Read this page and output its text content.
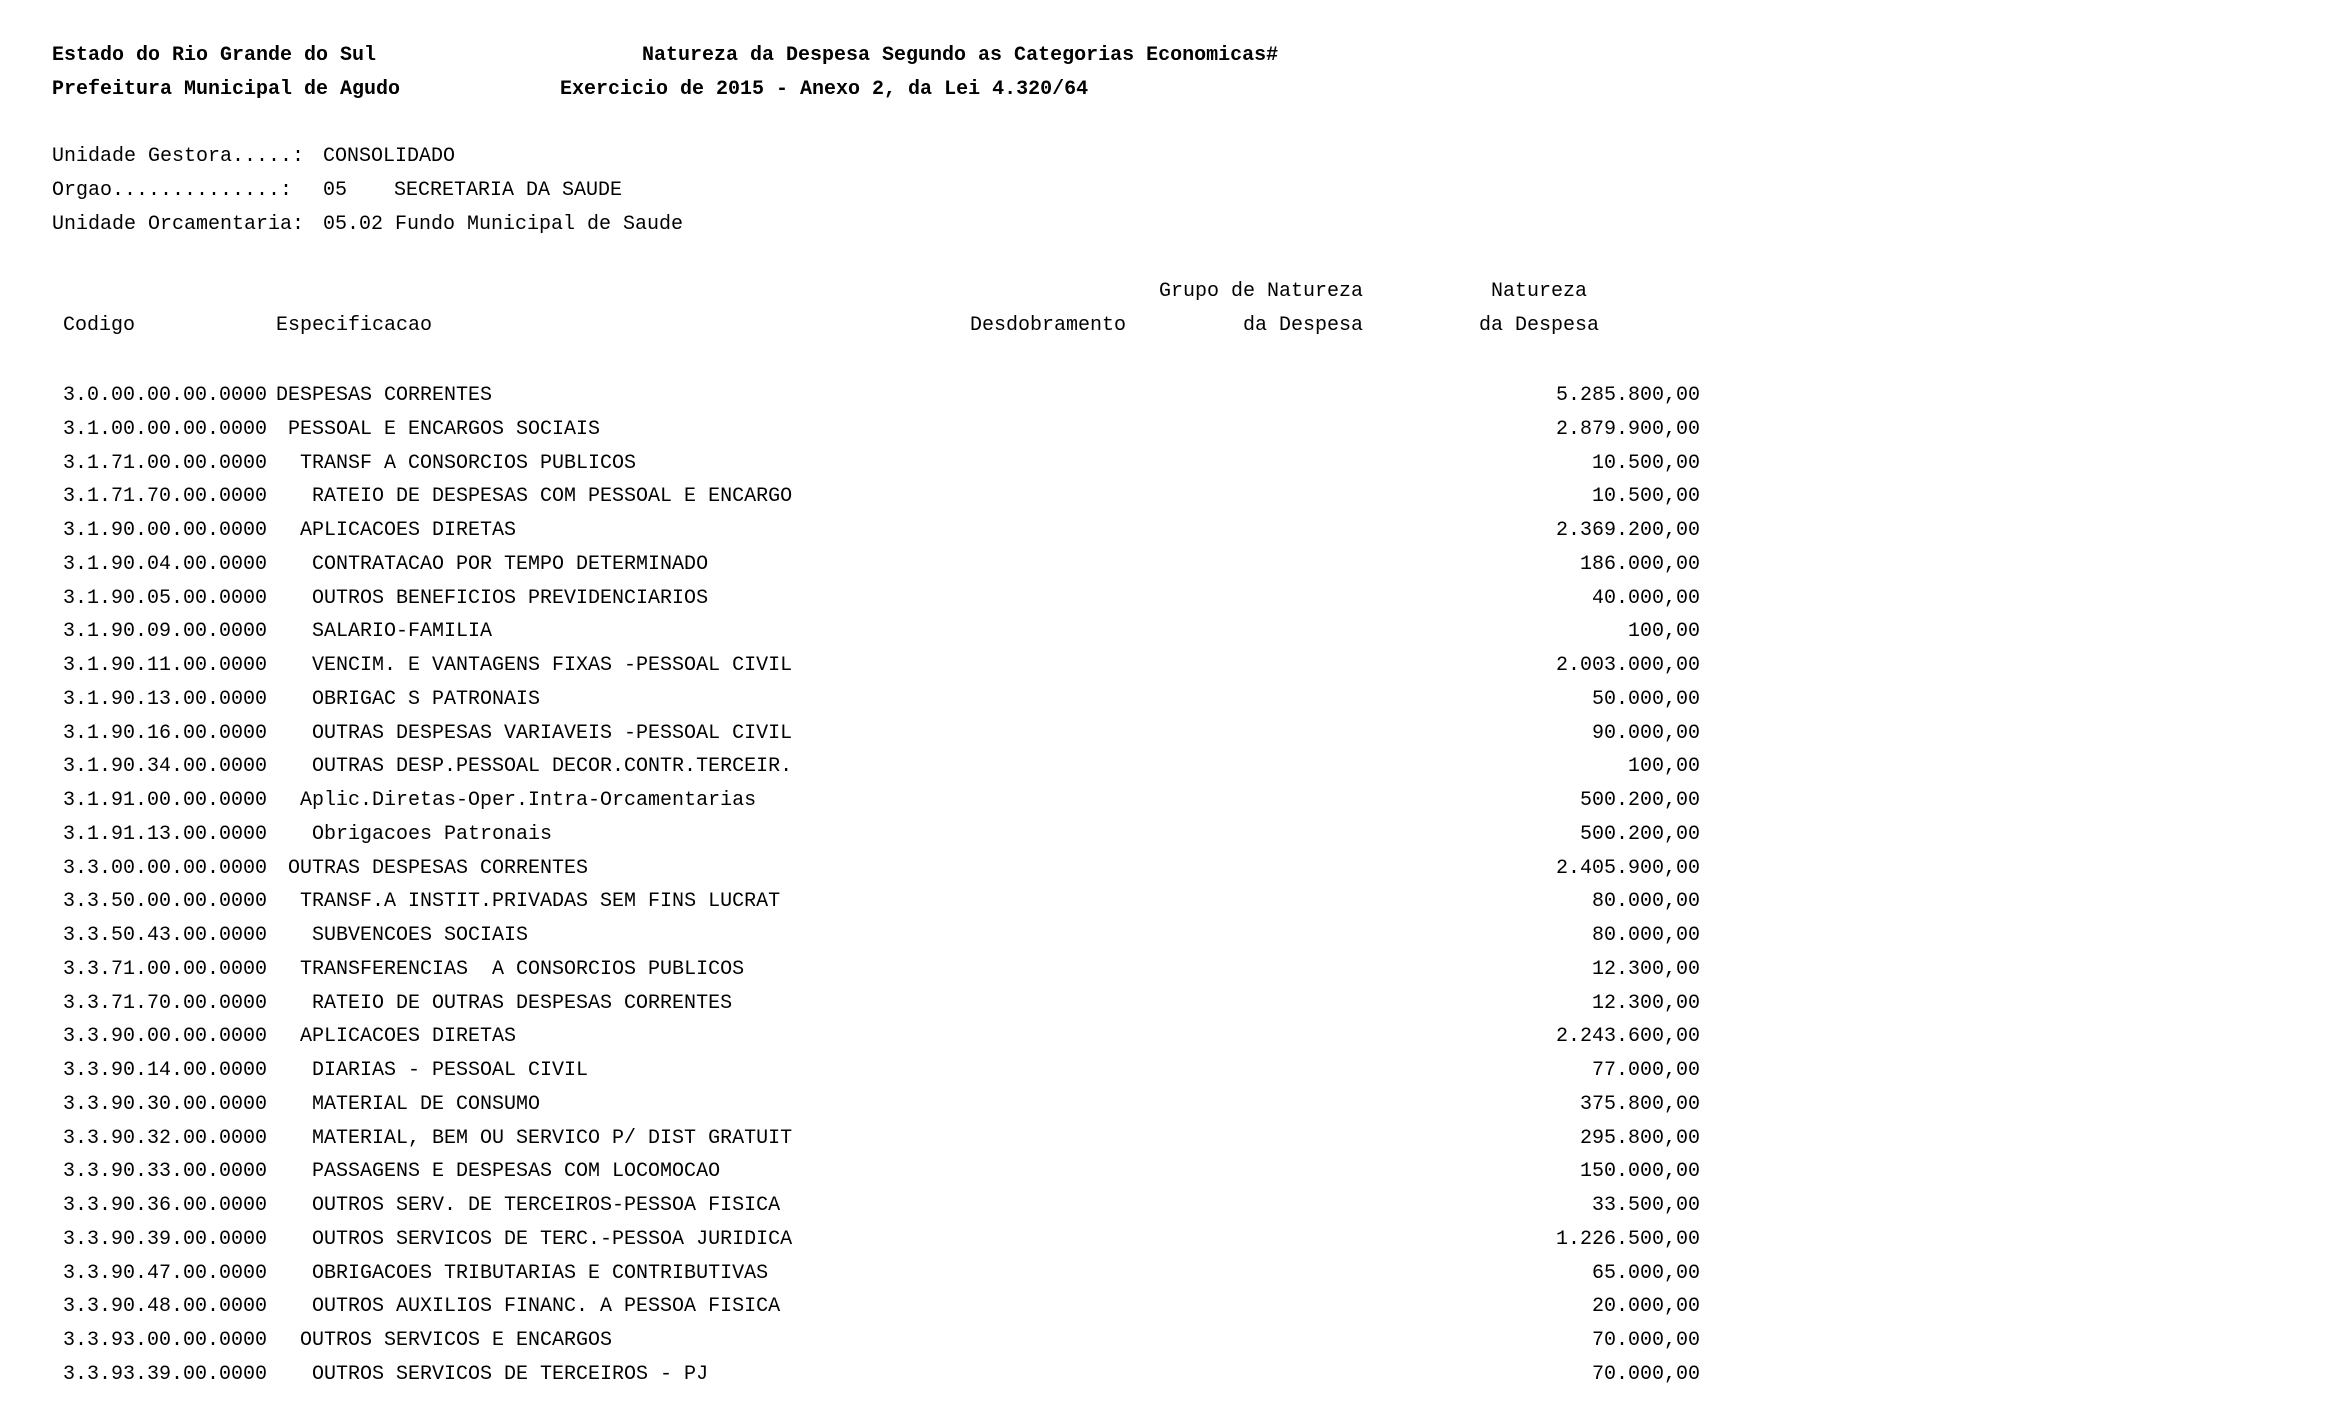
Estado do Rio Grande do Sul	Natureza da Despesa Segundo as Categorias Economicas#
Prefeitura Municipal de Agudo	Exercicio de 2015 - Anexo 2, da Lei 4.320/64
Unidade Gestora.....: CONSOLIDADO
Orgao..............: 05 SECRETARIA DA SAUDE
Unidade Orcamentaria: 05.02 Fundo Municipal de Saude
Grupo de Natureza	Natureza
Codigo	Especificacao	Desdobramento	da Despesa	da Despesa
3.0.00.00.00.0000 DESPESAS CORRENTES	5.285.800,00
3.1.00.00.00.0000 PESSOAL E ENCARGOS SOCIAIS	2.879.900,00
3.1.71.00.00.0000 TRANSF A CONSORCIOS PUBLICOS	10.500,00
3.1.71.70.00.0000 RATEIO DE DESPESAS COM PESSOAL E ENCARGO	10.500,00
3.1.90.00.00.0000 APLICACOES DIRETAS	2.369.200,00
3.1.90.04.00.0000 CONTRATACAO POR TEMPO DETERMINADO	186.000,00
3.1.90.05.00.0000 OUTROS BENEFICIOS PREVIDENCIARIOS	40.000,00
3.1.90.09.00.0000 SALARIO-FAMILIA	100,00
3.1.90.11.00.0000 VENCIM. E VANTAGENS FIXAS -PESSOAL CIVIL	2.003.000,00
3.1.90.13.00.0000 OBRIGAC S PATRONAIS	50.000,00
3.1.90.16.00.0000 OUTRAS DESPESAS VARIAVEIS -PESSOAL CIVIL	90.000,00
3.1.90.34.00.0000 OUTRAS DESP.PESSOAL DECOR.CONTR.TERCEIR.	100,00
3.1.91.00.00.0000 Aplic.Diretas-Oper.Intra-Orcamentarias	500.200,00
3.1.91.13.00.0000 Obrigacoes Patronais	500.200,00
3.3.00.00.00.0000 OUTRAS DESPESAS CORRENTES	2.405.900,00
3.3.50.00.00.0000 TRANSF.A INSTIT.PRIVADAS SEM FINS LUCRAT	80.000,00
3.3.50.43.00.0000 SUBVENCOES SOCIAIS	80.000,00
3.3.71.00.00.0000 TRANSFERENCIAS  A CONSORCIOS PUBLICOS	12.300,00
3.3.71.70.00.0000 RATEIO DE OUTRAS DESPESAS CORRENTES	12.300,00
3.3.90.00.00.0000 APLICACOES DIRETAS	2.243.600,00
3.3.90.14.00.0000 DIARIAS - PESSOAL CIVIL	77.000,00
3.3.90.30.00.0000 MATERIAL DE CONSUMO	375.800,00
3.3.90.32.00.0000 MATERIAL, BEM OU SERVICO P/ DIST GRATUIT	295.800,00
3.3.90.33.00.0000 PASSAGENS E DESPESAS COM LOCOMOCAO	150.000,00
3.3.90.36.00.0000 OUTROS SERV. DE TERCEIROS-PESSOA FISICA	33.500,00
3.3.90.39.00.0000 OUTROS SERVICOS DE TERC.-PESSOA JURIDICA	1.226.500,00
3.3.90.47.00.0000 OBRIGACOES TRIBUTARIAS E CONTRIBUTIVAS	65.000,00
3.3.90.48.00.0000 OUTROS AUXILIOS FINANC. A PESSOA FISICA	20.000,00
3.3.93.00.00.0000 OUTROS SERVICOS E ENCARGOS	70.000,00
3.3.93.39.00.0000 OUTROS SERVICOS DE TERCEIROS - PJ	70.000,00
